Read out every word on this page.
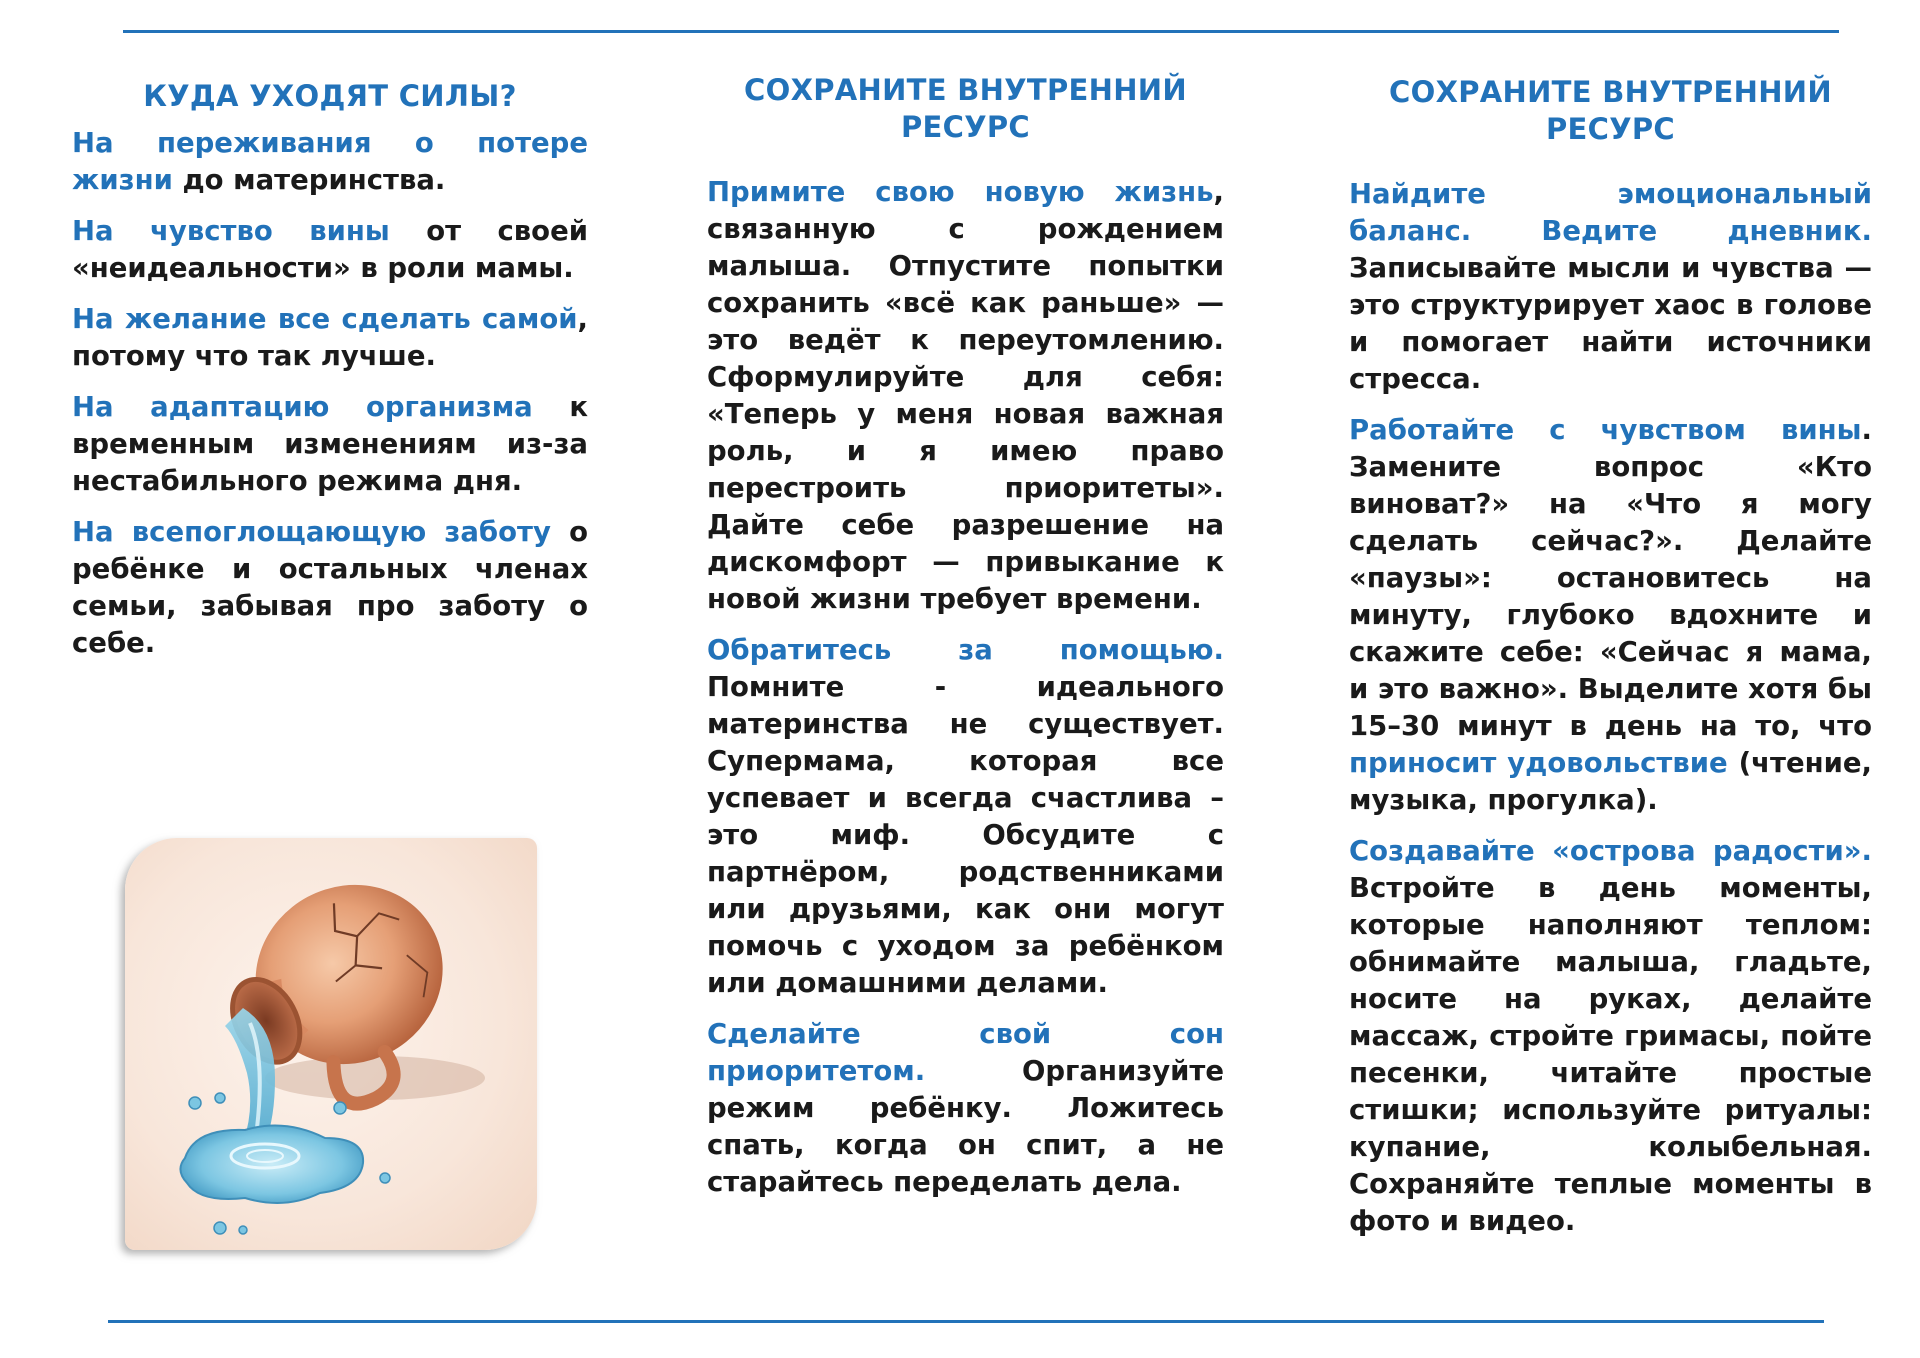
КУДА УХОДЯТ СИЛЫ?

На переживания о потере жизни до материнства.

На чувство вины от своей «неидеальности» в роли мамы.

На желание все сделать самой, потому что так лучше.

На адаптацию организма к временным изменениям из-за нестабильного режима дня.

На всепоглощающую заботу о ребёнке и остальных членах семьи, забывая про заботу о себе.

СОХРАНИТЕ ВНУТРЕННИЙ
РЕСУРС

Примите свою новую жизнь, связанную с рождением малыша. Отпустите попытки сохранить «всё как раньше» — это ведёт к переутомлению. Сформулируйте для себя: «Теперь у меня новая важная роль, и я имею право перестроить приоритеты». Дайте себе разрешение на дискомфорт — привыкание к новой жизни требует времени.

Обратитесь за помощью. Помните - идеального материнства не существует. Супермама, которая все успевает и всегда счастлива – это миф. Обсудите с партнёром, родственниками или друзьями, как они могут помочь с уходом за ребёнком или домашними делами.

Сделайте свой сон приоритетом. Организуйте режим ребёнку. Ложитесь спать, когда он спит, а не старайтесь переделать дела.

СОХРАНИТЕ ВНУТРЕННИЙ
РЕСУРС

Найдите эмоциональный баланс. Ведите дневник. Записывайте мысли и чувства — это структурирует хаос в голове и помогает найти источники стресса.

Работайте с чувством вины. Замените вопрос «Кто виноват?» на «Что я могу сделать сейчас?». Делайте «паузы»: остановитесь на минуту, глубоко вдохните и скажите себе: «Сейчас я мама, и это важно». Выделите хотя бы 15–30 минут в день на то, что приносит удовольствие (чтение, музыка, прогулка).

Создавайте «острова радости». Встройте в день моменты, которые наполняют теплом: обнимайте малыша, гладьте, носите на руках, делайте массаж, стройте гримасы, пойте песенки, читайте простые стишки; используйте ритуалы: купание, колыбельная. Сохраняйте теплые моменты в фото и видео.
